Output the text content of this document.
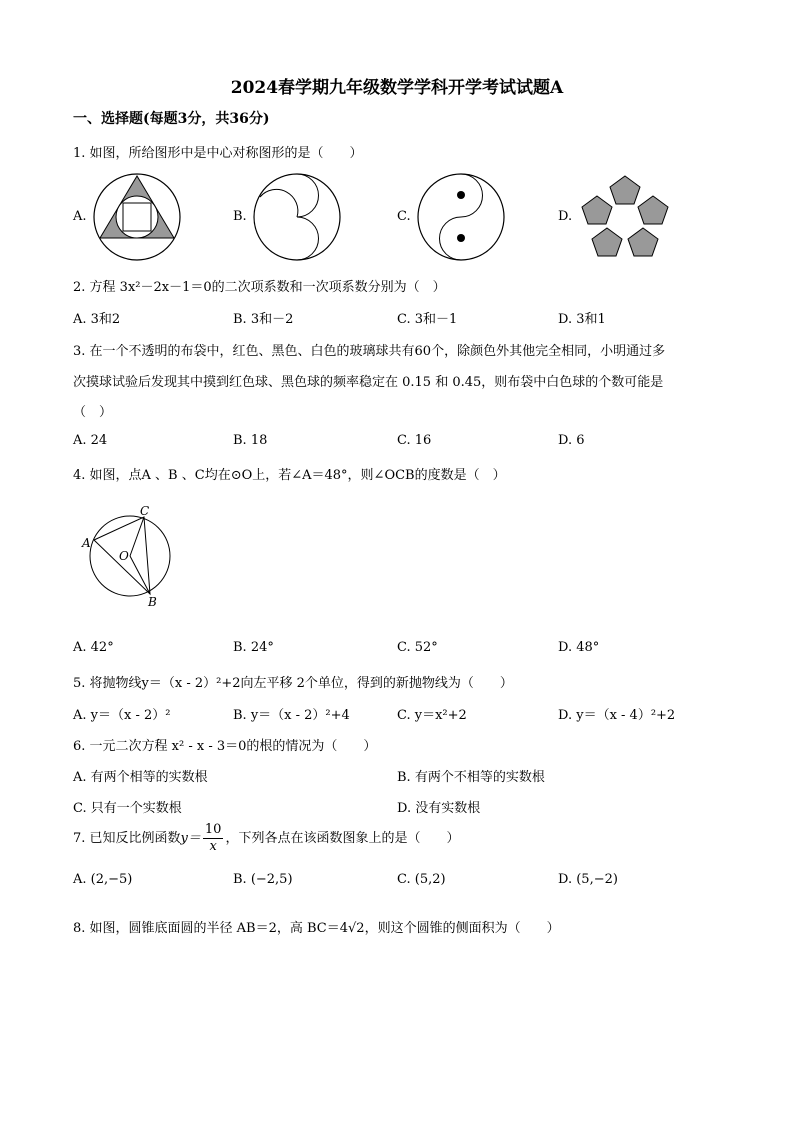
2024春学期九年级数学学科开学考试试题A
一、选择题(每题3分，共36分)
1. 如图，所给图形中是中心对称图形的是（　　）
A.	B.	C.	D.
2. 方程 3x²－2x－1＝0的二次项系数和一次项系数分别为（　）
A. 3和2	B. 3和－2	C. 3和－1	D. 3和1
3. 在一个不透明的布袋中，红色、黑色、白色的玻璃球共有60个，除颜色外其他完全相同，小明通过多
次摸球试验后发现其中摸到红色球、黑色球的频率稳定在 0.15 和 0.45，则布袋中白色球的个数可能是
（　）
A. 24	B. 18	C. 16	D. 6
4. 如图，点A 、B 、C均在⊙O上，若∠A＝48°，则∠OCB的度数是（　）
A
C
B
O
A. 42°	B. 24°	C. 52°	D. 48°
5. 将抛物线y＝（x - 2）²+2向左平移 2个单位，得到的新抛物线为（　　）
A. y＝（x - 2）²	B. y＝（x - 2）²+4	C. y＝x²+2	D. y＝（x - 4）²+2
6. 一元二次方程 x² - x - 3＝0的根的情况为（　　）
A. 有两个相等的实数根	B. 有两个不相等的实数根
C. 只有一个实数根	D. 没有实数根
7. 已知反比例函数$y= \frac{10}{x}$ ，下列各点在该函数图象上的是（　　）
A. (2,−5)	B. (−2,5)	C. (5,2)	D. (5,−2)
8. 如图，圆锥底面圆的半径 AB＝2，高 BC＝4√2，则这个圆锥的侧面积为（　　）
